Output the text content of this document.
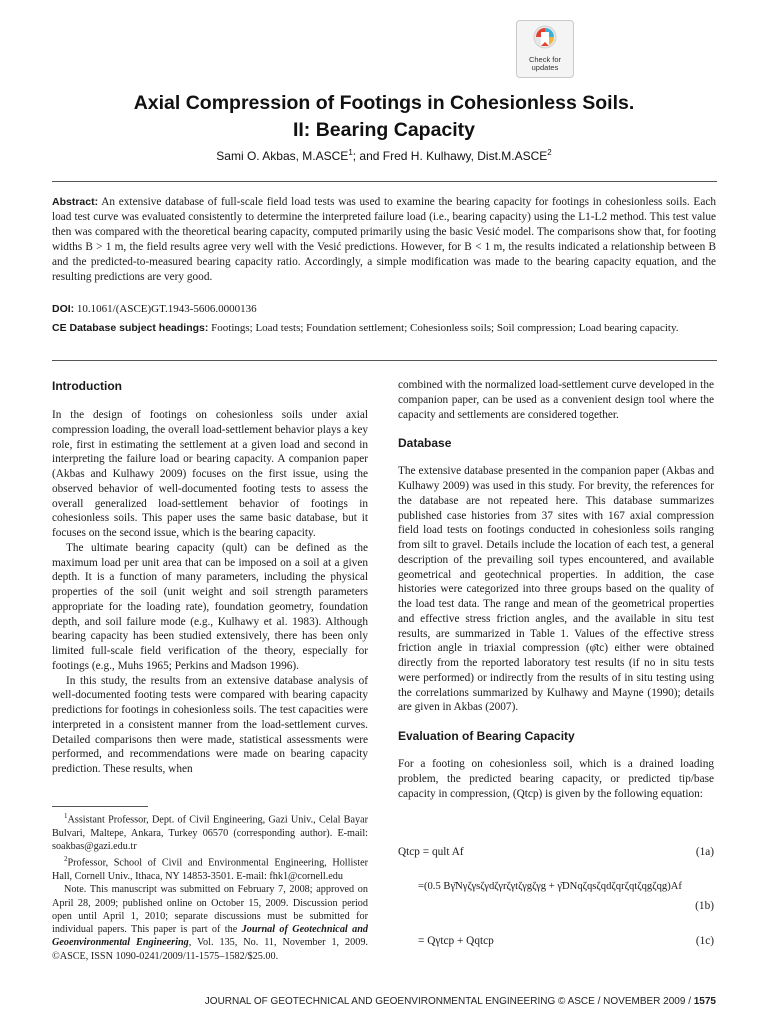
Check for
updates
Axial Compression of Footings in Cohesionless Soils.
II: Bearing Capacity
Sami O. Akbas, M.ASCE$^1$; and Fred H. Kulhawy, Dist.M.ASCE$^2$

Abstract: An extensive database of full-scale field load tests was used to examine the bearing capacity for footings in cohesionless soils. Each load test curve was evaluated consistently to determine the interpreted failure load (i.e., bearing capacity) using the L1-L2 method. This test value then was compared with the theoretical bearing capacity, computed primarily using the basic Vesić model. The comparisons show that, for footing widths B > 1 m, the field results agree very well with the Vesić predictions. However, for B < 1 m, the results indicated a relationship between B and the predicted-to-measured bearing capacity ratio. Accordingly, a simple modification was made to the bearing capacity equation, and the resulting predictions are very good.

DOI: 10.1061/(ASCE)GT.1943-5606.0000136
CE Database subject headings: Footings; Load tests; Foundation settlement; Cohesionless soils; Soil compression; Load bearing capacity.
Introduction

In the design of footings on cohesionless soils under axial compression loading, the overall load-settlement behavior plays a key role, first in estimating the settlement at a given load and second in interpreting the failure load or bearing capacity. A companion paper (Akbas and Kulhawy 2009) focuses on the first issue, using the observed behavior of well-documented footing tests to assess the overall generalized load-settlement behavior of footings in cohesionless soils. This paper uses the same basic database, but it focuses on the second issue, which is the bearing capacity.

The ultimate bearing capacity (qult) can be defined as the maximum load per unit area that can be imposed on a soil at a given depth. It is a function of many parameters, including the physical properties of the soil (unit weight and soil strength parameters appropriate for the loading rate), foundation geometry, foundation depth, and soil failure mode (e.g., Kulhawy et al. 1983). Although bearing capacity has been studied extensively, there has been only limited full-scale field verification of the theory, especially for footings (e.g., Muhs 1965; Perkins and Madson 1996).

In this study, the results from an extensive database analysis of well-documented footing tests were compared with bearing capacity predictions for footings in cohesionless soils. The test capacities were interpreted in a consistent manner from the load-settlement curves. Detailed comparisons then were made, statistical assessments were performed, and recommendations were made on bearing capacity prediction. These results, when

$^1$Assistant Professor, Dept. of Civil Engineering, Gazi Univ., Celal Bayar Bulvari, Maltepe, Ankara, Turkey 06570 (corresponding author). E-mail: soakbas@gazi.edu.tr

$^2$Professor, School of Civil and Environmental Engineering, Hollister Hall, Cornell Univ., Ithaca, NY 14853-3501. E-mail: fhk1@cornell.edu

Note. This manuscript was submitted on February 7, 2008; approved on April 28, 2009; published online on October 15, 2009. Discussion period open until April 1, 2010; separate discussions must be submitted for individual papers. This paper is part of the Journal of Geotechnical and Geoenvironmental Engineering, Vol. 135, No. 11, November 1, 2009. ©ASCE, ISSN 1090-0241/2009/11-1575–1582/$25.00.

combined with the normalized load-settlement curve developed in the companion paper, can be used as a convenient design tool where the capacity and settlements are considered together.

Database

The extensive database presented in the companion paper (Akbas and Kulhawy 2009) was used in this study. For brevity, the references for the database are not repeated here. This database summarizes published case histories from 37 sites with 167 axial compression field load tests on footings conducted in cohesionless soils ranging from silt to gravel. Details include the location of each test, a general description of the prevailing soil types encountered, and available geometrical and geotechnical properties. In addition, the case histories were categorized into three groups based on the quality of the load test data. The range and mean of the geometrical properties and effective stress friction angles, and the available in situ test results, are summarized in Table 1. Values of the effective stress friction angle in triaxial compression (φ̄tc) either were obtained directly from the reported laboratory test results (if no in situ tests were performed) or indirectly from the results of in situ testing using the correlations summarized by Kulhawy and Mayne (1990); details are given in Akbas (2007).

Evaluation of Bearing Capacity

For a footing on cohesionless soil, which is a drained loading problem, the predicted bearing capacity, or predicted tip/base capacity in compression, (Qtcp) is given by the following equation:

Qtcp = qult Af	(1a)
=(0.5 Bγ̄Nγζγsζγdζγrζγtζγgζγg + γ̄DNqζqsζqdζqrζqtζqgζqg)Af
(1b)
= Qγtcp + Qqtcp	(1c)
JOURNAL OF GEOTECHNICAL AND GEOENVIRONMENTAL ENGINEERING © ASCE / NOVEMBER 2009 / 1575
